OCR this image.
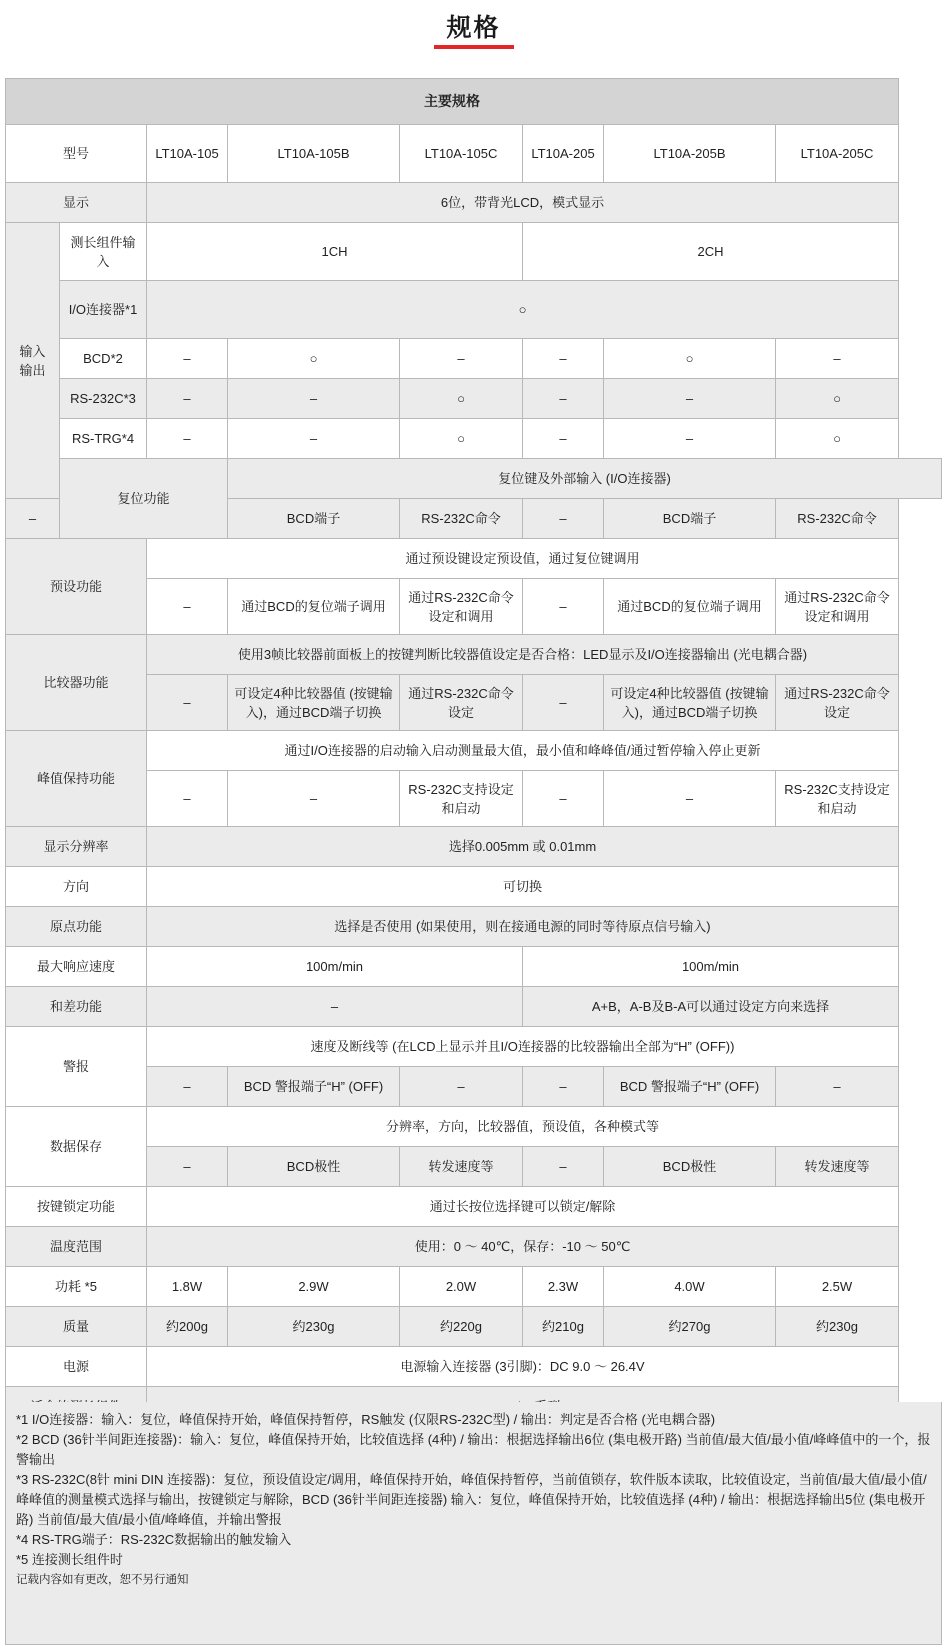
规格
主要规格							
型号		LT10A-105	LT10A-105B	LT10A-105C	LT10A-205	LT10A-205B	LT10A-205C
显示		6位，带背光LCD，模式显示					
输入输出	测长组件输入	1CH			2CH		
	I/O连接器*1	○					
	BCD*2	–	○	–	–	○	–
	RS-232C*3	–	–	○	–	–	○
	RS-TRG*4	–	–	○	–	–	○
	复位功能		复位键及外部输入 (I/O连接器)				
–			BCD端子	RS-232C命令	–	BCD端子	RS-232C命令
预设功能		通过预设键设定预设值，通过复位键调用					
		–	通过BCD的复位端子调用	通过RS-232C命令设定和调用	–	通过BCD的复位端子调用	通过RS-232C命令设定和调用
比较器功能		使用3帧比较器前面板上的按键判断比较器值设定是否合格：LED显示及I/O连接器输出 (光电耦合器)					
		–	可设定4种比较器值 (按键输入)，通过BCD端子切换	通过RS-232C命令设定	–	可设定4种比较器值 (按键输入)，通过BCD端子切换	通过RS-232C命令设定
峰值保持功能		通过I/O连接器的启动输入启动测量最大值，最小值和峰峰值/通过暂停输入停止更新					
		–	–	RS-232C支持设定和启动	–	–	RS-232C支持设定和启动
显示分辨率		选择0.005mm 或 0.01mm					
方向		可切换					
原点功能		选择是否使用 (如果使用，则在接通电源的同时等待原点信号输入)					
最大响应速度		100m/min			100m/min		
和差功能		–			A+B，A-B及B-A可以通过设定方向来选择		
警报		速度及断线等 (在LCD上显示并且I/O连接器的比较器输出全部为“H” (OFF))					
		–	BCD 警报端子“H” (OFF)	–	–	BCD 警报端子“H” (OFF)	–
数据保存		分辨率，方向，比较器值，预设值，各种模式等					
		–	BCD极性	转发速度等	–	BCD极性	转发速度等
按键锁定功能		通过长按位选择键可以锁定/解除					
温度范围		使用：0 ～ 40℃，保存：-10 ～ 50℃					
功耗 *5		1.8W	2.9W	2.0W	2.3W	4.0W	2.5W
质量		约200g	约230g	约220g	约210g	约270g	约230g
电源		电源输入连接器 (3引脚)：DC 9.0 ～ 26.4V					

*1 I/O连接器：输入：复位，峰值保持开始，峰值保持暂停，RS触发 (仅限RS-232C型) / 输出：判定是否合格 (光电耦合器)
*2 BCD (36针半间距连接器)：输入：复位，峰值保持开始，比较值选择 (4种) / 输出：根据选择输出6位 (集电极开路) 当前值/最大值/最小值/峰峰值中的一个，报警输出
*3 RS-232C(8针 mini DIN 连接器)：复位，预设值设定/调用，峰值保持开始，峰值保持暂停，当前值锁存，软件版本读取，比较值设定，当前值/最大值/最小值/峰峰值的测量模式选择与输出，按键锁定与解除，BCD (36针半间距连接器) 输入：复位，峰值保持开始，比较值选择 (4种) / 输出：根据选择输出5位 (集电极开路) 当前值/最大值/最小值/峰峰值，并输出警报
*4 RS-TRG端子：RS-232C数据输出的触发输入
*5 连接测长组件时
记载内容如有更改，恕不另行通知
